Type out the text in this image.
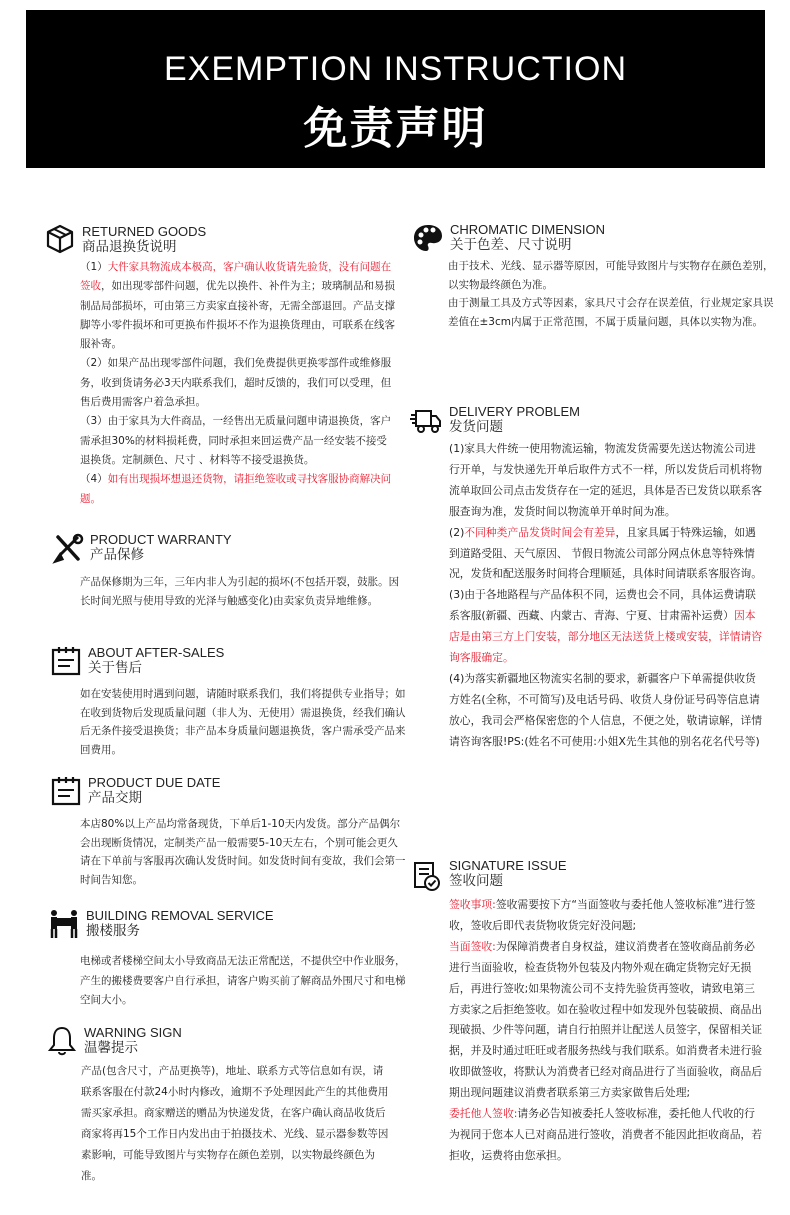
EXEMPTION INSTRUCTION
免责声明
RETURNED GOODS
商品退换货说明

（1）大件家具物流成本极高，客户确认收货请先验货，没有问题在签收，如出现零部件问题，优先以换件、补件为主；玻璃制品和易损制品局部损坏，可由第三方卖家直接补寄，无需全部退回。产品支撑脚等小零件损坏和可更换布件损坏不作为退换货理由，可联系在线客服补寄。

（2）如果产品出现零部件问题，我们免费提供更换零部件或维修服务，收到货请务必3天内联系我们，超时反馈的，我们可以受理，但售后费用需客户着急承担。

（3）由于家具为大件商品，一经售出无质量问题申请退换货，客户需承担30%的材料损耗费，同时承担来回运费产品一经安装不接受退换货。定制颜色、尺寸 、材料等不接受退换货。

（4）如有出现损坏想退还货物，请拒绝签收或寻找客服协商解决问题。

PRODUCT WARRANTY
产品保修

产品保修期为三年，三年内非人为引起的损坏(不包括开裂，鼓胀。因长时间光照与使用导致的光泽与触感变化)由卖家负责异地维修。

ABOUT AFTER-SALES
关于售后

如在安装使用时遇到问题，请随时联系我们，我们将提供专业指导；如在收到货物后发现质量问题（非人为、无使用）需退换货，经我们确认后无条件接受退换货；非产品本身质量问题退换货，客户需承受产品来回费用。

PRODUCT DUE DATE
产品交期

本店80%以上产品均常备现货，下单后1-10天内发货。部分产品偶尔会出现断货情况，定制类产品一般需要5-10天左右，个别可能会更久请在下单前与客服再次确认发货时间。如发货时间有变故，我们会第一时间告知您。

BUILDING REMOVAL SERVICE
搬楼服务

电梯或者楼梯空间太小导致商品无法正常配送，不提供空中作业服务，产生的搬楼费要客户自行承担，请客户购买前了解商品外围尺寸和电梯空间大小。

WARNING SIGN
温馨提示

产品(包含尺寸，产品更换等)，地址、联系方式等信息如有误，请联系客服在付款24小时内修改，逾期不予处理因此产生的其他费用需买家承担。商家赠送的赠品为快递发货，在客户确认商品收货后商家将再15个工作日内发出由于拍摄技术、光线、显示器参数等因素影响，可能导致图片与实物存在颜色差别，以实物最终颜色为准。

CHROMATIC DIMENSION
关于色差、尺寸说明

由于技术、光线、显示器等原因，可能导致图片与实物存在颜色差别，以实物最终颜色为准。

由于测量工具及方式等因素，家具尺寸会存在误差值，行业规定家具误差值在±3cm内属于正常范围，不属于质量问题，具体以实物为准。

DELIVERY PROBLEM
发货问题

(1)家具大件统一使用物流运输，物流发货需要先送达物流公司进行开单，与发快递先开单后取件方式不一样，所以发货后司机将物流单取回公司点击发货存在一定的延迟，具体是否已发货以联系客服查询为准，发货时间以物流单开单时间为准。

(2)不同种类产品发货时间会有差异，且家具属于特殊运输，如遇到道路受阻、天气原因、 节假日物流公司部分网点休息等特殊情况，发货和配送服务时间将合理顺延，具体时间请联系客服咨询。

(3)由于各地路程与产品体积不同，运费也会不同，具体运费请联系客服(新疆、西藏、内蒙古、青海、宁夏、甘肃需补运费）因本店是由第三方上门安装，部分地区无法送货上楼或安装，详情请咨询客服确定。

(4)为落实新疆地区物流实名制的要求，新疆客户下单需提供收货方姓名(全称，不可简写)及电话号码、收货人身份证号码等信息请放心，我司会严格保密您的个人信息，不便之处，敬请谅解，详情请咨询客服!PS:(姓名不可使用:小姐X先生其他的别名花名代号等)

SIGNATURE ISSUE
签收问题

签收事项:签收需要按下方“当面签收与委托他人签收标准”进行签收，签收后即代表货物收货完好没问题;

当面签收:为保障消费者自身权益，建议消费者在签收商品前务必进行当面验收，检查货物外包装及内物外观在确定货物完好无损后，再进行签收;如果物流公司不支持先验货再签收，请致电第三方卖家之后拒绝签收。如在验收过程中如发现外包装破损、商品出现破损、少件等问题，请自行拍照并让配送人员签字，保留相关证据，并及时通过旺旺或者服务热线与我们联系。如消费者未进行验收即做签收，将默认为消费者已经对商品进行了当面验收，商品后期出现问题建议消费者联系第三方卖家做售后处理;

委托他人签收:请务必告知被委托人签收标准，委托他人代收的行为视同于您本人已对商品进行签收，消费者不能因此拒收商品，若拒收，运费将由您承担。
